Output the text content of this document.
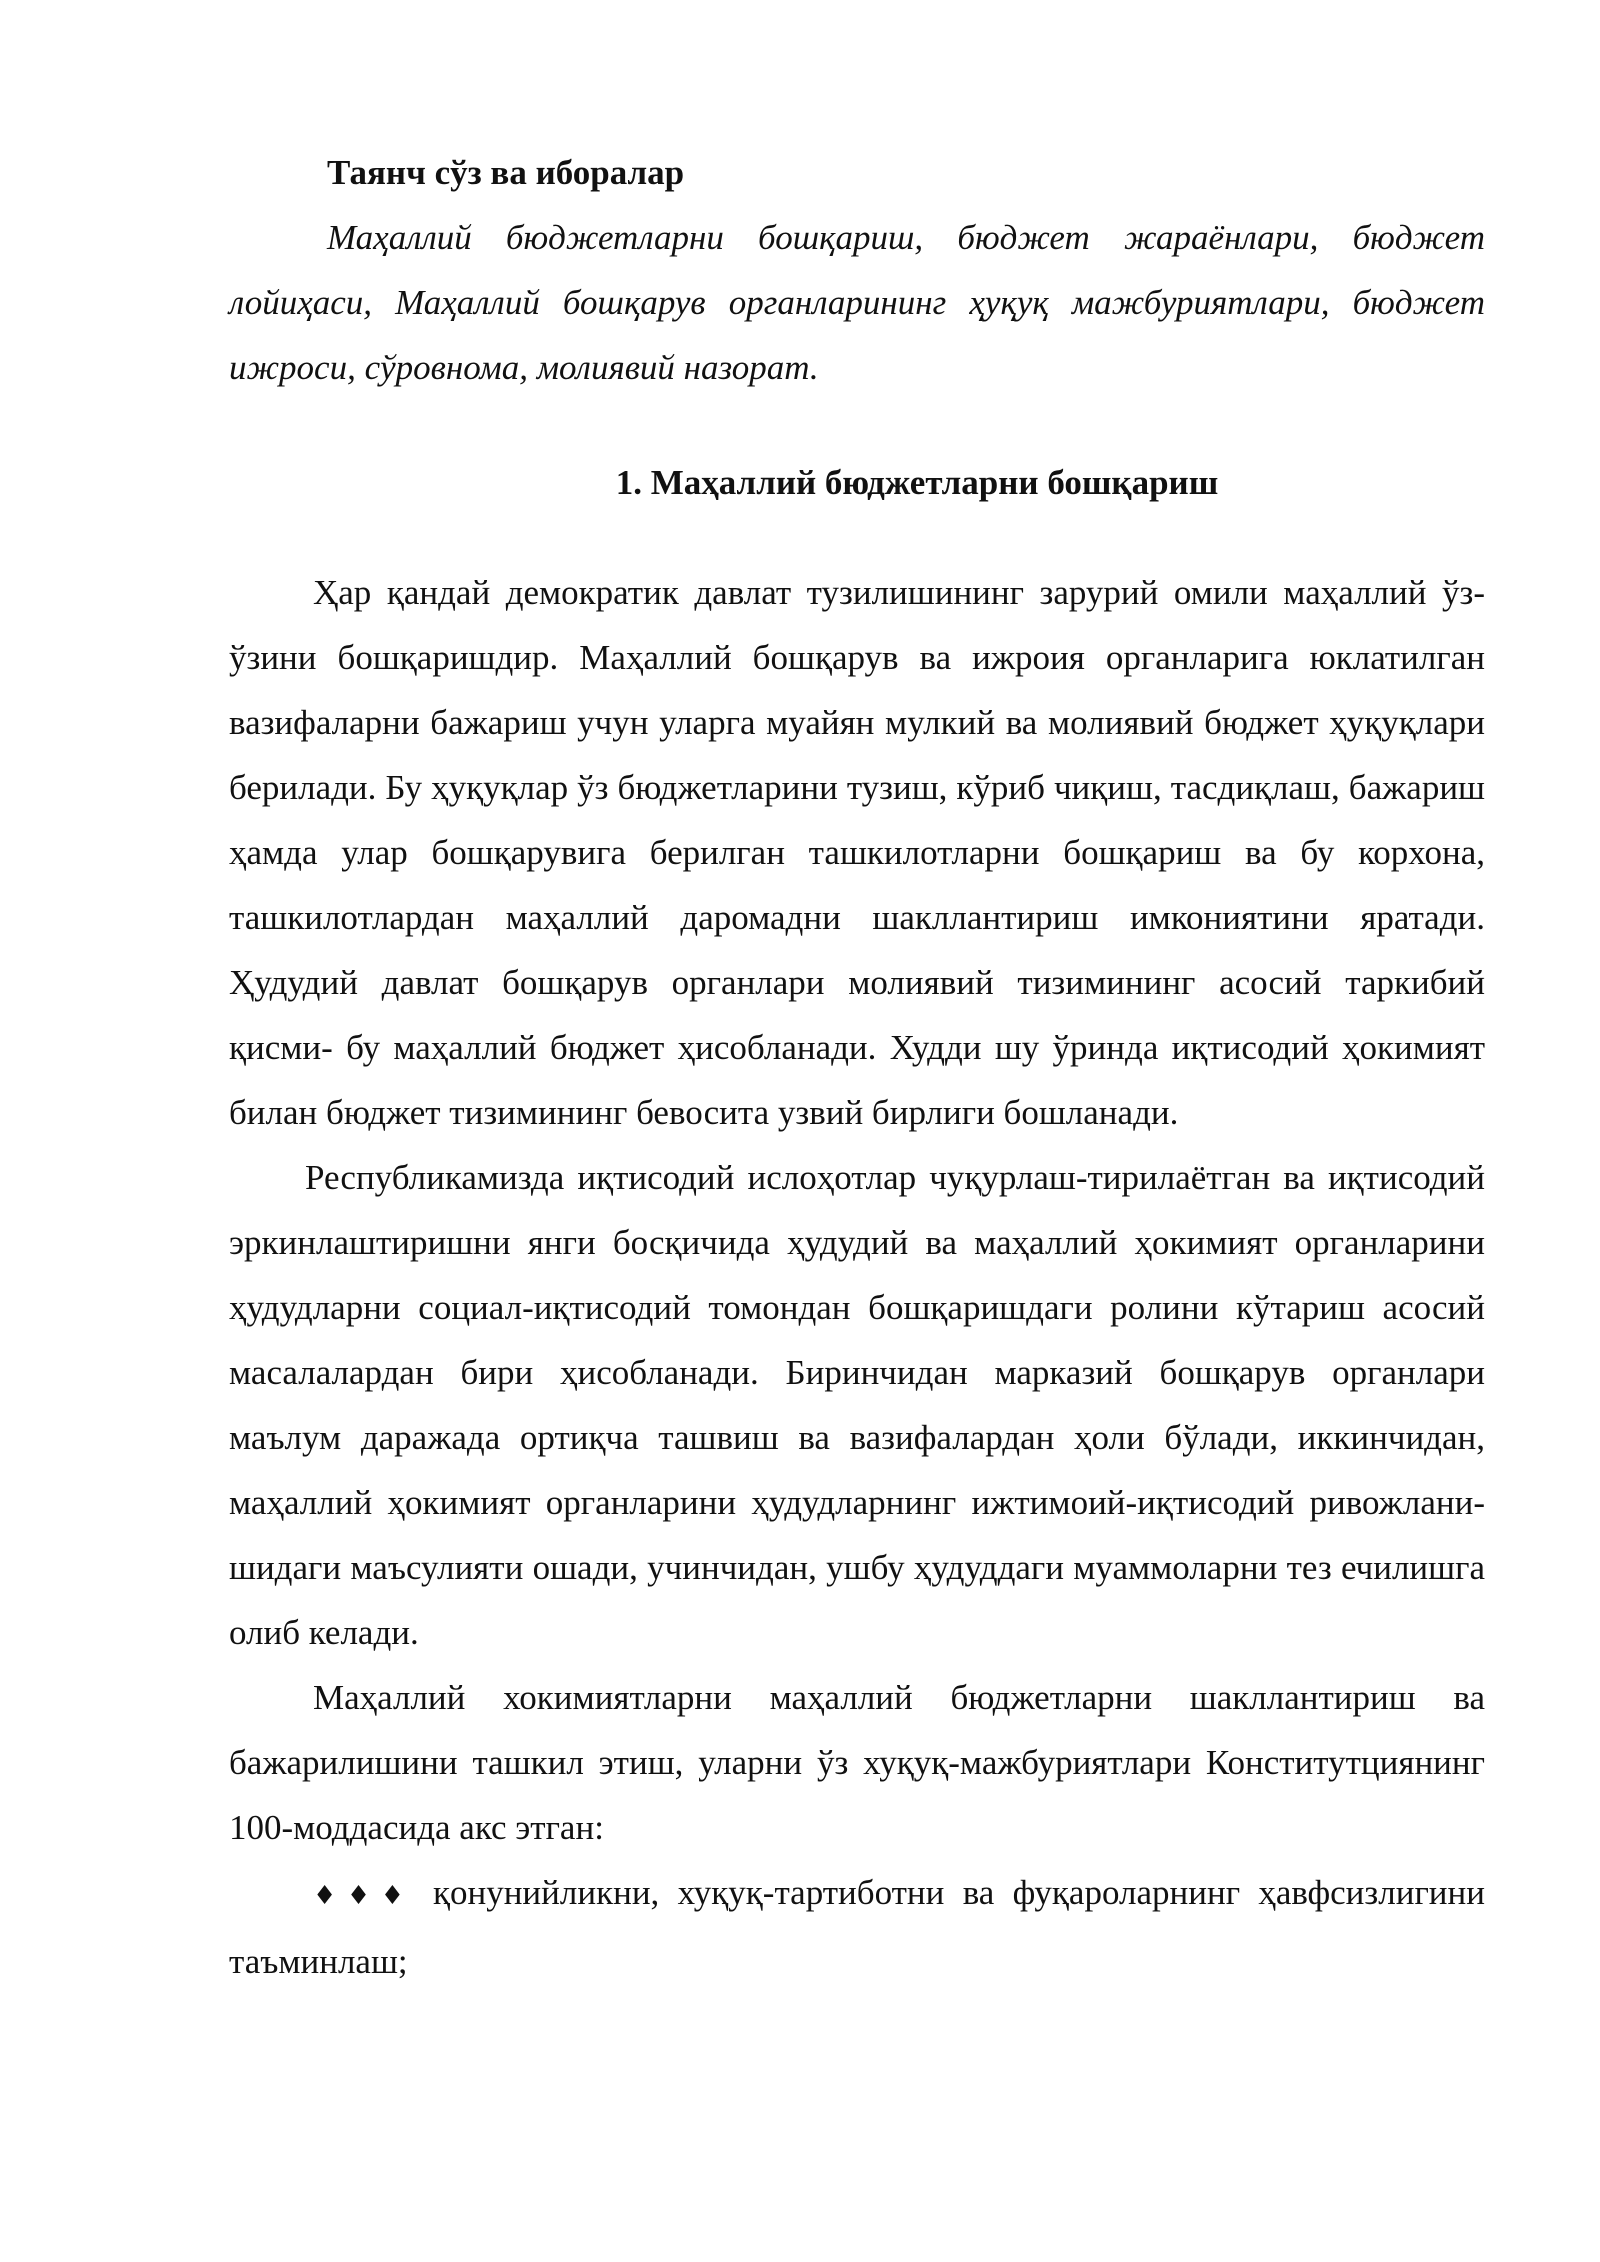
Таянч сўз ва иборалар

Маҳаллий бюджетларни бошқариш, бюджет жараёнлари, бюджет лойиҳаси, Маҳаллий бошқарув органларининг ҳуқуқ мажбуриятлари, бюджет ижроси, сўровнома, молиявий назорат.

1. Маҳаллий бюджетларни бошқариш

Ҳар қандай демократик давлат тузилишининг зарурий омили маҳаллий ўз-ўзини бошқаришдир. Маҳаллий бошқарув ва ижроия органларига юклатилган вазифаларни бажариш учун уларга муайян мулкий ва молиявий бюджет ҳуқуқлари берилади. Бу ҳуқуқлар ўз бюджетларини тузиш, кўриб чиқиш, тасдиқлаш, бажариш ҳамда улар бошқарувига берилган ташкилотларни бошқариш ва бу корхона, ташкилотлардан маҳаллий даромадни шакллантириш имкониятини яратади. Ҳудудий давлат бошқарув органлари молиявий тизимининг асосий таркибий қисми- бу маҳаллий бюджет ҳисобланади. Худди шу ўринда иқтисодий ҳокимият билан бюджет тизимининг бевосита узвий бирлиги бошланади.

Республикамизда иқтисодий ислоҳотлар чуқурлаш-тирилаётган ва иқтисодий эркинлаштиришни янги босқичида ҳудудий ва маҳаллий ҳокимият органларини ҳудудларни социал-иқтисодий томондан бошқаришдаги ролини кўтариш асосий масалалардан бири ҳисобланади. Биринчидан марказий бошқарув органлари маълум даражада ортиқча ташвиш ва вазифалардан ҳоли бўлади, иккинчидан, маҳаллий ҳокимият органларини ҳудудларнинг ижтимоий-иқтисодий ривожлани-шидаги маъсулияти ошади, учинчидан, ушбу ҳудуддаги муаммоларни тез ечилишга олиб келади.

Маҳаллий хокимиятларни маҳаллий бюджетларни шакллантириш ва бажарилишини ташкил этиш, уларни ўз хуқуқ-мажбуриятлари Конститутциянинг 100-моддасида акс этган:

♦♦♦ қонунийликни, хуқуқ-тартиботни ва фуқароларнинг ҳавфсизлигини таъминлаш;
